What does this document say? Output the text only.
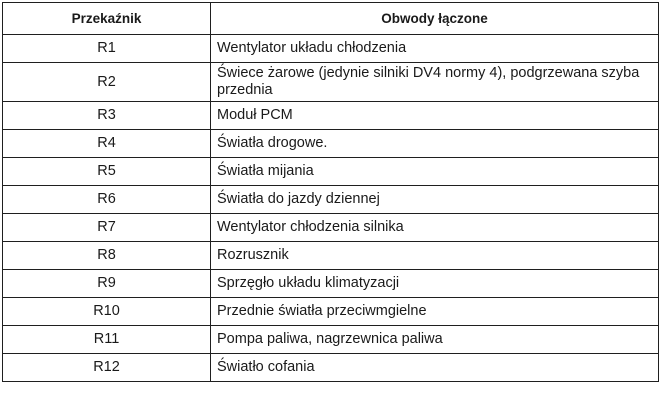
Przekaźnik	Obwody łączone
R1	Wentylator układu chłodzenia
R2	Świece żarowe (jedynie silniki DV4 normy 4), podgrzewana szyba przednia
R3	Moduł PCM
R4	Światła drogowe.
R5	Światła mijania
R6	Światła do jazdy dziennej
R7	Wentylator chłodzenia silnika
R8	Rozrusznik
R9	Sprzęgło układu klimatyzacji
R10	Przednie światła przeciwmgielne
R11	Pompa paliwa, nagrzewnica paliwa
R12	Światło cofania
